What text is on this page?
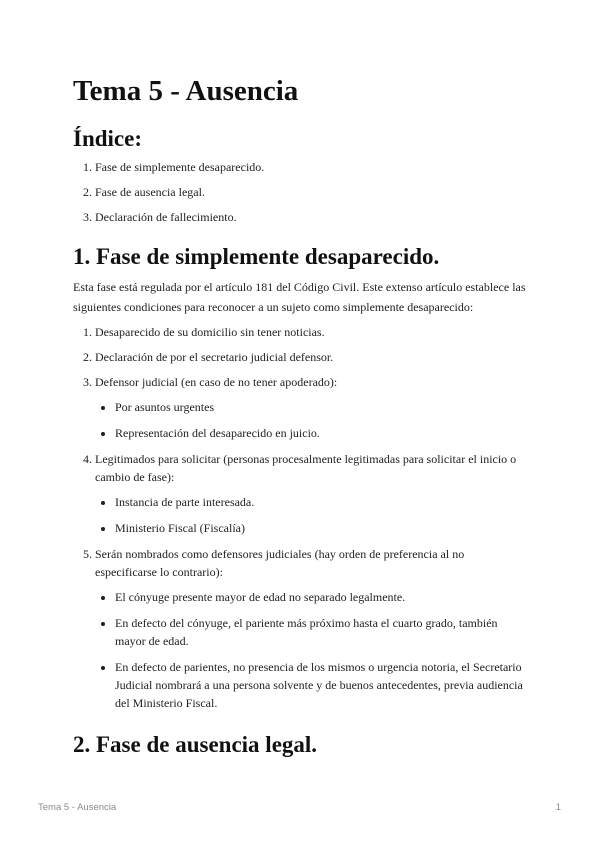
Tema 5 - Ausencia
Índice:
1. Fase de simplemente desaparecido.
2. Fase de ausencia legal.
3. Declaración de fallecimiento.
1. Fase de simplemente desaparecido.

Esta fase está regulada por el artículo 181 del Código Civil. Este extenso artículo establece las siguientes condiciones para reconocer a un sujeto como simplemente desaparecido:

1. Desaparecido de su domicilio sin tener noticias.
2. Declaración de por el secretario judicial defensor.
3. Defensor judicial (en caso de no tener apoderado):
• Por asuntos urgentes
• Representación del desaparecido en juicio.
4. Legitimados para solicitar (personas procesalmente legitimadas para solicitar el inicio o cambio de fase):
• Instancia de parte interesada.
• Ministerio Fiscal (Fiscalía)
5. Serán nombrados como defensores judiciales (hay orden de preferencia al no especificarse lo contrario):
• El cónyuge presente mayor de edad no separado legalmente.
• En defecto del cónyuge, el pariente más próximo hasta el cuarto grado, también mayor de edad.
• En defecto de parientes, no presencia de los mismos o urgencia notoria, el Secretario Judicial nombrará a una persona solvente y de buenos antecedentes, previa audiencia del Ministerio Fiscal.
2. Fase de ausencia legal.
Tema 5 - Ausencia	1
